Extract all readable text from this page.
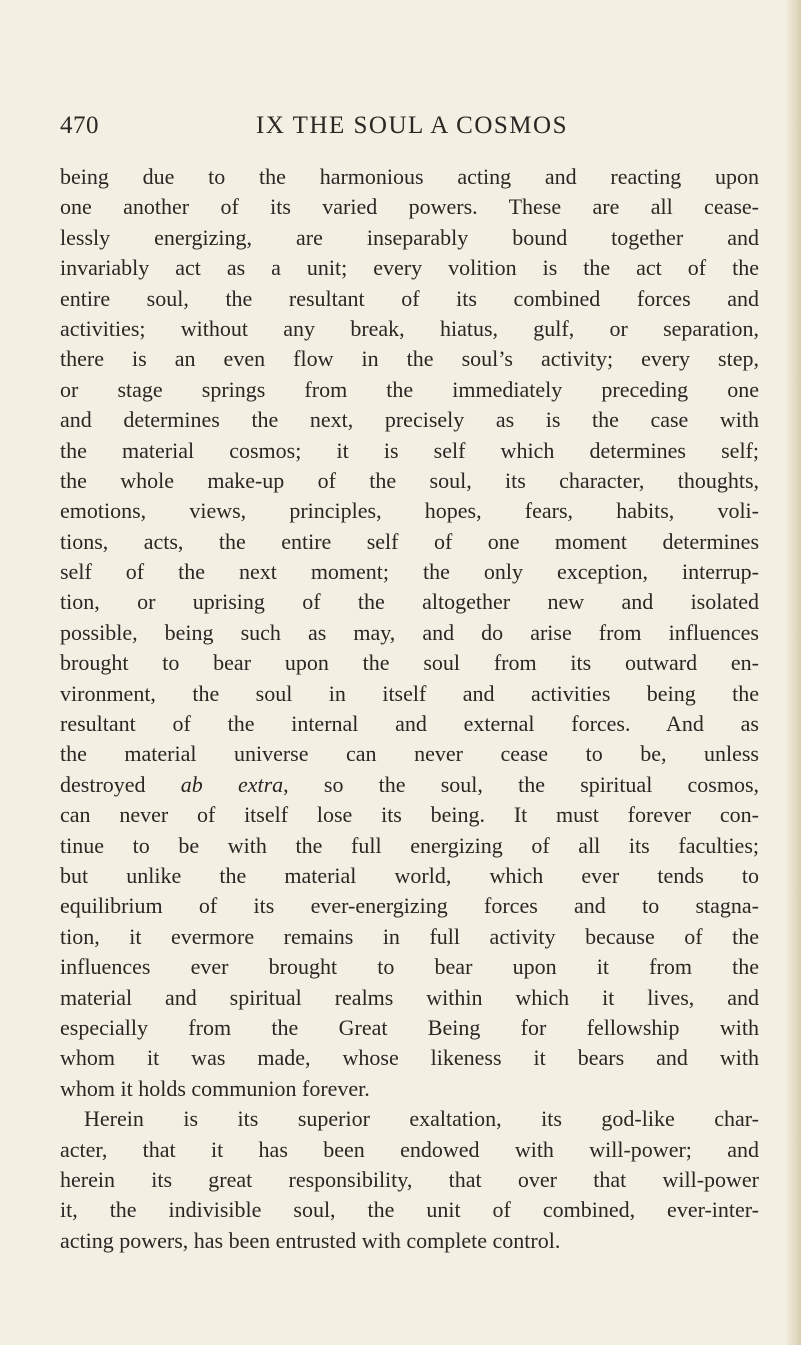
470	IX THE SOUL A COSMOS
being due to the harmonious acting and reacting upon
one another of its varied powers. These are all cease-
lessly energizing, are inseparably bound together and
invariably act as a unit; every volition is the act of the
entire soul, the resultant of its combined forces and
activities; without any break, hiatus, gulf, or separation,
there is an even flow in the soul’s activity; every step,
or stage springs from the immediately preceding one
and determines the next, precisely as is the case with
the material cosmos; it is self which determines self;
the whole make-up of the soul, its character, thoughts,
emotions, views, principles, hopes, fears, habits, voli-
tions, acts, the entire self of one moment determines
self of the next moment; the only exception, interrup-
tion, or uprising of the altogether new and isolated
possible, being such as may, and do arise from influences
brought to bear upon the soul from its outward en-
vironment, the soul in itself and activities being the
resultant of the internal and external forces. And as
the material universe can never cease to be, unless
destroyed ab extra, so the soul, the spiritual cosmos,
can never of itself lose its being. It must forever con-
tinue to be with the full energizing of all its faculties;
but unlike the material world, which ever tends to
equilibrium of its ever-energizing forces and to stagna-
tion, it evermore remains in full activity because of the
influences ever brought to bear upon it from the
material and spiritual realms within which it lives, and
especially from the Great Being for fellowship with
whom it was made, whose likeness it bears and with
whom it holds communion forever.
Herein is its superior exaltation, its god-like char-
acter, that it has been endowed with will-power; and
herein its great responsibility, that over that will-power
it, the indivisible soul, the unit of combined, ever-inter-
acting powers, has been entrusted with complete control.
